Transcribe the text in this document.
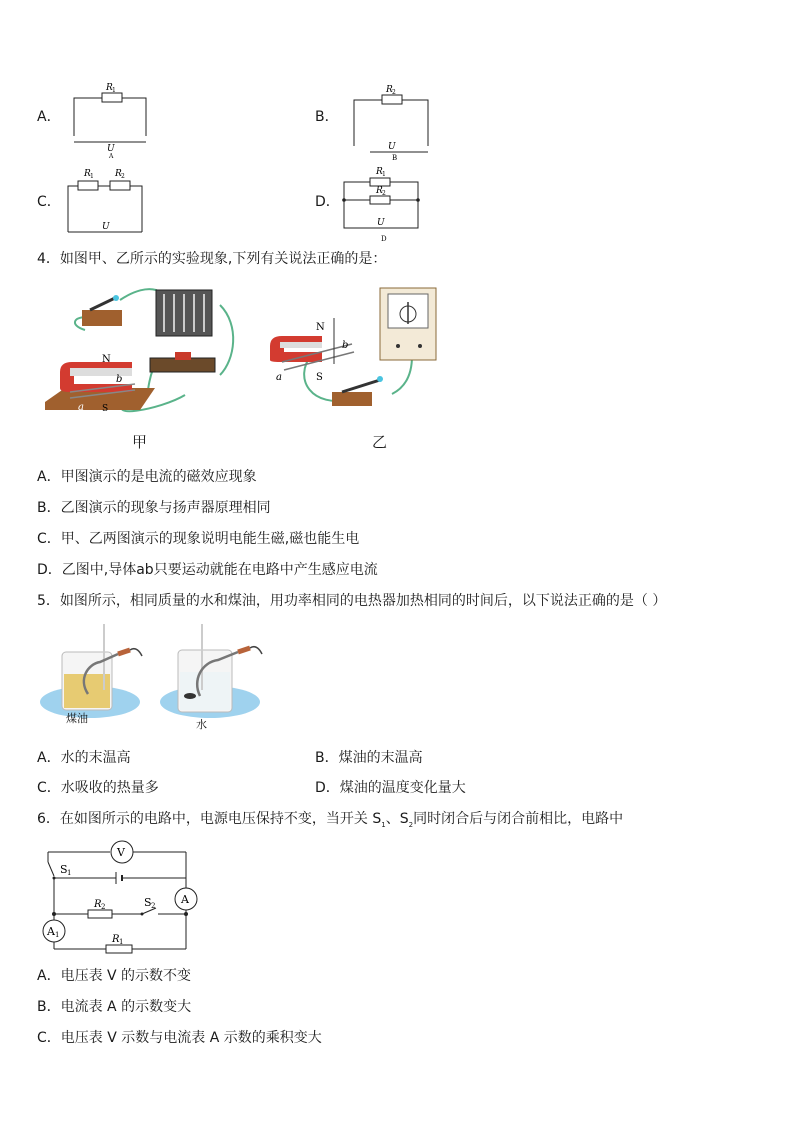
A．
R 1
U
A
B．
R 2
U
B
C．
R 1 R 2
U
D．
R 1
R 2
U
D
4．如图甲、乙所示的实验现象,下列有关说法正确的是：
N
S
a
b
甲
N
S
a
b
乙
A．甲图演示的是电流的磁效应现象
B．乙图演示的现象与扬声器原理相同
C．甲、乙两图演示的现象说明电能生磁,磁也能生电
D．乙图中,导体ab只要运动就能在电路中产生感应电流
5．如图所示，相同质量的水和煤油，用功率相同的电热器加热相同的时间后，以下说法正确的是（ ）
煤油	水
A．水的末温高	B．煤油的末温高
C．水吸收的热量多	D．煤油的温度变化量大
6．在如图所示的电路中，电源电压保持不变，当开关 $S_1$、$S_2$同时闭合后与闭合前相比，电路中
V
A
A 1
S 1
S 2
R 2
R 1
A．电压表 V 的示数不变
B．电流表 A 的示数变大
C．电压表 V 示数与电流表 A 示数的乘积变大
